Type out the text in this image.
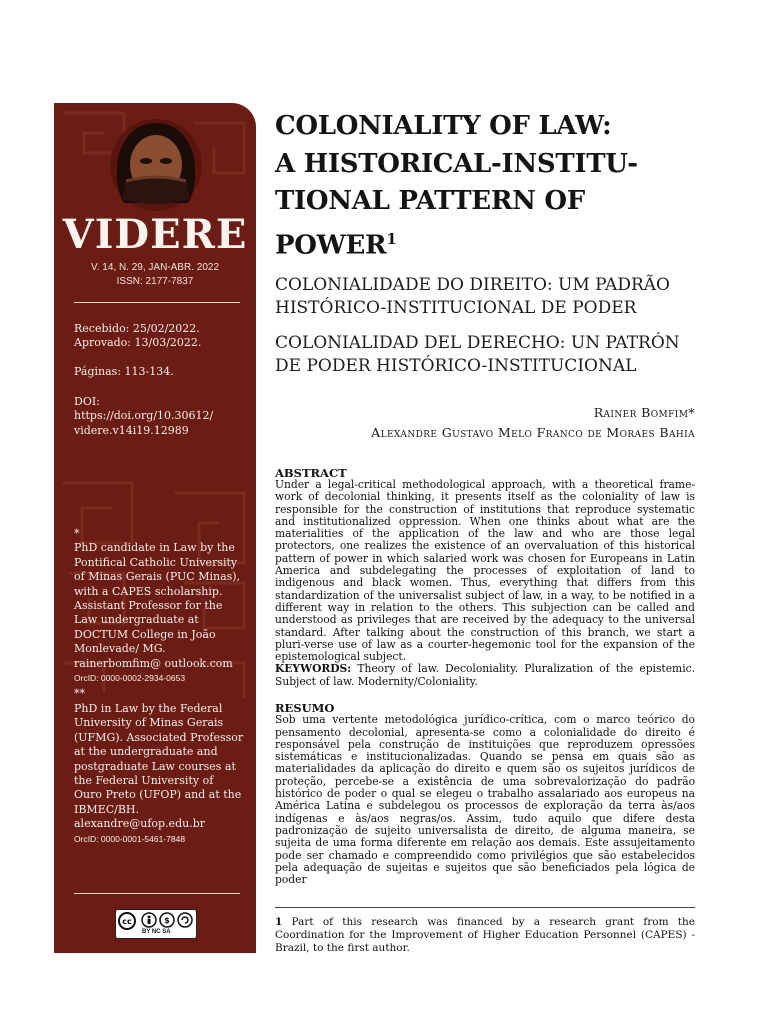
VIDERE
V. 14, N. 29, JAN-ABR. 2022
ISSN: 2177-7837

Recebido: 25/02/2022.

Aprovado: 13/03/2022.

Páginas: 113-134.

DOI:

https://doi.org/10.30612/

videre.v14i19.12989

*

PhD candidate in Law by the Pontifical Catholic University of Minas Gerais (PUC Minas), with a CAPES scholarship. Assistant Professor for the Law undergraduate at DOCTUM College in João Monlevade/ MG. rainerbomfim@ outlook.com

OrcID: 0000-0002-2934-0653

**

PhD in Law by the Federal University of Minas Gerais (UFMG). Associated Professor at the undergraduate and postgraduate Law courses at the Federal University of Ouro Preto (UFOP) and at the IBMEC/BH. alexandre@ufop.edu.br

OrcID: 0000-0001-5461-7848

cc	$
BY NC SA
COLONIALITY OF LAW:
A HISTORICAL-INSTITU-
TIONAL PATTERN OF
POWER$^1$

COLONIALIDADE DO DIREITO: UM PADRÃO
HISTÓRICO-INSTITUCIONAL DE PODER

COLONIALIDAD DEL DERECHO: UN PATRÓN
DE PODER HISTÓRICO-INSTITUCIONAL

Rainer Bomfim*
Alexandre Gustavo Melo Franco de Moraes Bahia
ABSTRACT
Under a legal-critical methodological approach, with a theoretical frame-work of decolonial thinking, it presents itself as the coloniality of law is responsible for the construction of institutions that reproduce systematic and institutionalized oppression. When one thinks about what are the materialities of the application of the law and who are those legal protectors, one realizes the existence of an overvaluation of this historical pattern of power in which salaried work was chosen for Europeans in Latin America and subdelegating the processes of exploitation of land to indigenous and black women. Thus, everything that differs from this standardization of the universalist subject of law, in a way, to be notified in a different way in relation to the others. This subjection can be called and understood as privileges that are received by the adequacy to the universal standard. After talking about the construction of this branch, we start a pluri-verse use of law as a courter-hegemonic tool for the expansion of the epistemological subject.
KEYWORDS: Theory of law. Decoloniality. Pluralization of the epistemic. Subject of law. Modernity/Coloniality.
RESUMO
Sob uma vertente metodológica jurídico-crítica, com o marco teórico do pensamento decolonial, apresenta-se como a colonialidade do direito é responsável pela construção de instituições que reproduzem opressões sistemáticas e institucionalizadas. Quando se pensa em quais são as materialidades da aplicação do direito e quem são os sujeitos jurídicos de proteção, percebe-se a existência de uma sobrevalorização do padrão histórico de poder o qual se elegeu o trabalho assalariado aos europeus na América Latina e subdelegou os processos de exploração da terra às/aos indígenas e às/aos negras/os. Assim, tudo aquilo que difere desta padronização de sujeito universalista de direito, de alguma maneira, se sujeita de uma forma diferente em relação aos demais. Este assujeitamento pode ser chamado e compreendido como privilégios que são estabelecidos pela adequação de sujeitas e sujeitos que são beneficiados pela lógica de poder
1 Part of this research was financed by a research grant from the Coordination for the Improvement of Higher Education Personnel (CAPES) - Brazil, to the first author.
